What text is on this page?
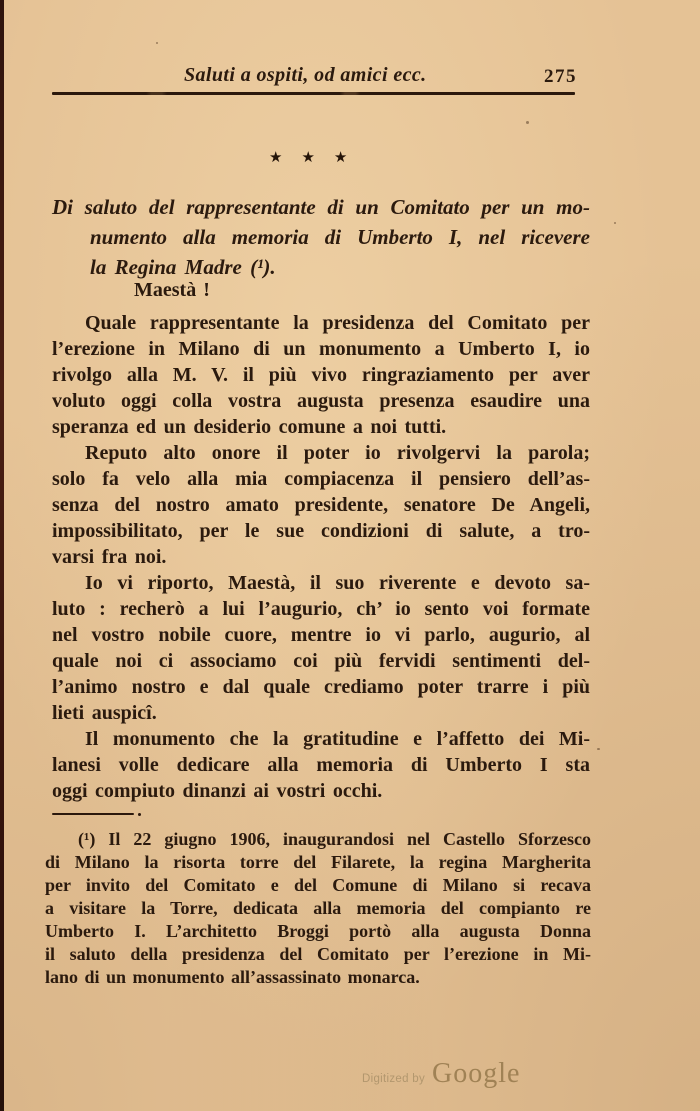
Saluti a ospiti, od amici ecc.	275
★ ★ ★
Di saluto del rappresentante di un Comitato per un mo-
numento alla memoria di Umberto I, nel ricevere
la Regina Madre (¹).
Maestà !
Quale rappresentante la presidenza del Comitato per
l’erezione in Milano di un monumento a Umberto I, io
rivolgo alla M. V. il più vivo ringraziamento per aver
voluto oggi colla vostra augusta presenza esaudire una
speranza ed un desiderio comune a noi tutti.
Reputo alto onore il poter io rivolgervi la parola;
solo fa velo alla mia compiacenza il pensiero dell’as-
senza del nostro amato presidente, senatore De Angeli,
impossibilitato, per le sue condizioni di salute, a tro-
varsi fra noi.
Io vi riporto, Maestà, il suo riverente e devoto sa-
luto : recherò a lui l’augurio, ch’ io sento voi formate
nel vostro nobile cuore, mentre io vi parlo, augurio, al
quale noi ci associamo coi più fervidi sentimenti del-
l’animo nostro e dal quale crediamo poter trarre i più
lieti auspicî.
Il monumento che la gratitudine e l’affetto dei Mi-
lanesi volle dedicare alla memoria di Umberto I sta
oggi compiuto dinanzi ai vostri occhi.
(¹) Il 22 giugno 1906, inaugurandosi nel Castello Sforzesco
di Milano la risorta torre del Filarete, la regina Margherita
per invito del Comitato e del Comune di Milano si recava
a visitare la Torre, dedicata alla memoria del compianto re
Umberto I. L’architetto Broggi portò alla augusta Donna
il saluto della presidenza del Comitato per l’erezione in Mi-
lano di un monumento all’assassinato monarca.
Digitized by Google
